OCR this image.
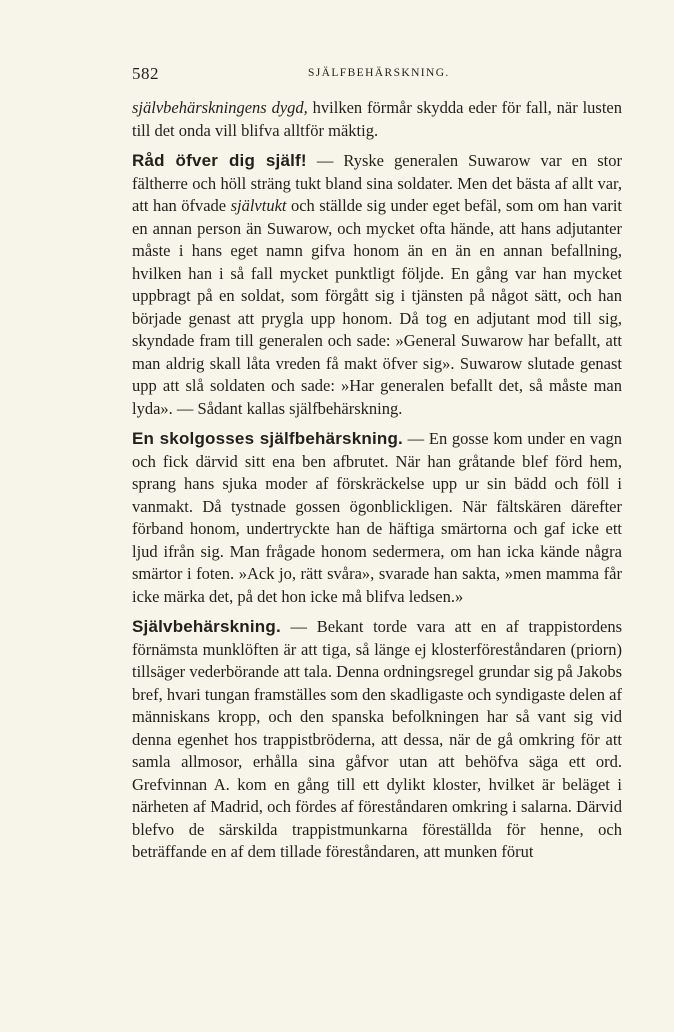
582	SJÄLFBEHÄRSKNING.

självbehärskningens dygd, hvilken förmår skydda eder för fall, när lusten till det onda vill blifva alltför mäktig.

Råd öfver dig själf! — Ryske generalen Suwarow var en stor fältherre och höll sträng tukt bland sina soldater. Men det bästa af allt var, att han öfvade självtukt och ställde sig under eget befäl, som om han varit en annan person än Suwarow, och mycket ofta hände, att hans adjutanter måste i hans eget namn gifva honom än en än en annan befallning, hvilken han i så fall mycket punktligt följde. En gång var han mycket uppbragt på en soldat, som förgått sig i tjänsten på något sätt, och han började genast att prygla upp honom. Då tog en adjutant mod till sig, skyndade fram till generalen och sade: »General Suwarow har befallt, att man aldrig skall låta vreden få makt öfver sig». Suwarow slutade genast upp att slå soldaten och sade: »Har generalen befallt det, så måste man lyda». — Sådant kallas själfbehärskning.

En skolgosses själfbehärskning. — En gosse kom under en vagn och fick därvid sitt ena ben afbrutet. När han gråtande blef förd hem, sprang hans sjuka moder af förskräckelse upp ur sin bädd och föll i vanmakt. Då tystnade gossen ögonblickligen. När fältskären därefter förband honom, undertryckte han de häftiga smärtorna och gaf icke ett ljud ifrån sig. Man frågade honom sedermera, om han icka kände några smärtor i foten. »Ack jo, rätt svåra», svarade han sakta, »men mamma får icke märka det, på det hon icke må blifva ledsen.»

Självbehärskning. — Bekant torde vara att en af trappistordens förnämsta munklöften är att tiga, så länge ej klosterföreståndaren (priorn) tillsäger vederbörande att tala. Denna ordningsregel grundar sig på Jakobs bref, hvari tungan framställes som den skadligaste och syndigaste delen af människans kropp, och den spanska befolkningen har så vant sig vid denna egenhet hos trappistbröderna, att dessa, när de gå omkring för att samla allmosor, erhålla sina gåfvor utan att behöfva säga ett ord. Grefvinnan A. kom en gång till ett dylikt kloster, hvilket är beläget i närheten af Madrid, och fördes af föreståndaren omkring i salarna. Därvid blefvo de särskilda trappistmunkarna föreställda för henne, och beträffande en af dem tillade föreståndaren, att munken förut
